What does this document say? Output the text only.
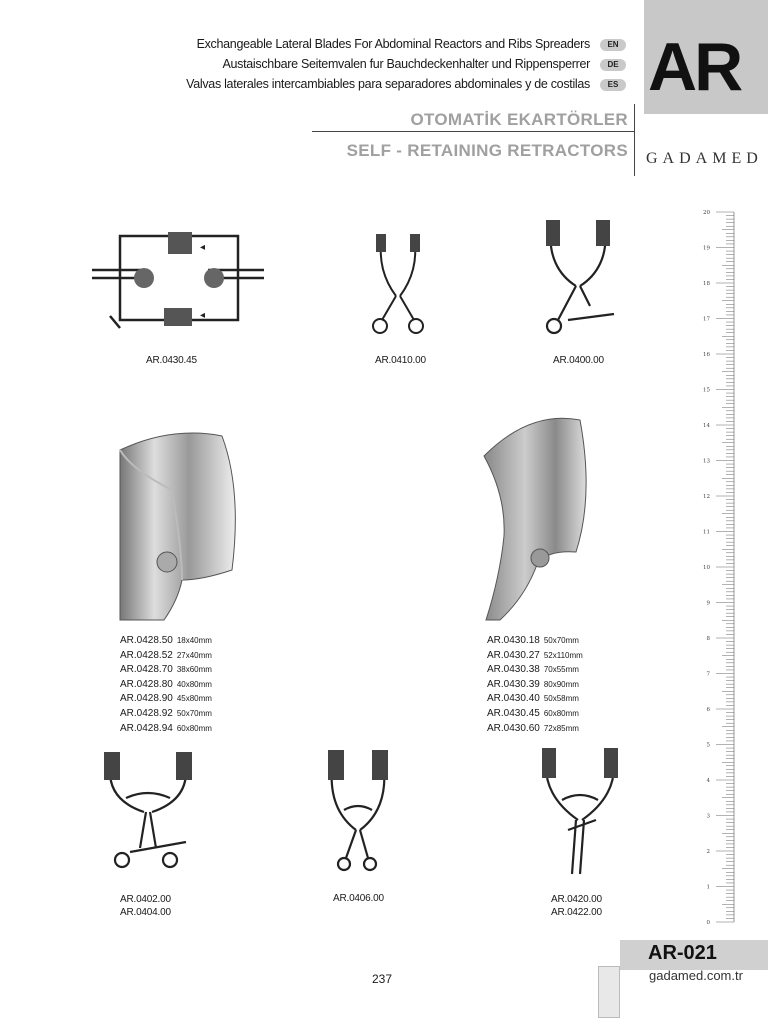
Exchangeable Lateral Blades For Abdominal Reactors and Ribs Spreaders	EN
Austaischbare Seitemvalen fur Bauchdeckenhalter und Rippensperrer	DE
Valvas laterales intercambiables para separadores abdominales y de costilas	ES AR
OTOMATİK EKARTÖRLER
SELF - RETAINING RETRACTORS GADAMED
◂
◂
AR.0430.45	AR.0410.00	AR.0400.00
AR.0428.50 18x40mm
AR.0428.52 27x40mm
AR.0428.70 38x60mm
AR.0428.80 40x80mm
AR.0428.90 45x80mm
AR.0428.92 50x70mm
AR.0428.94 60x80mm
AR.0430.18 50x70mm
AR.0430.27 52x110mm
AR.0430.38 70x55mm
AR.0430.39 80x90mm
AR.0430.40 50x58mm
AR.0430.45 60x80mm
AR.0430.60 72x85mm
AR.0402.00
AR.0404.00
AR.0406.00	AR.0420.00
AR.0422.00
20
19
18
17
16
15
14
13
12
11
10
9
8
7
6
5
4
3
2
1
0
AR-021
gadamed.com.tr
237
